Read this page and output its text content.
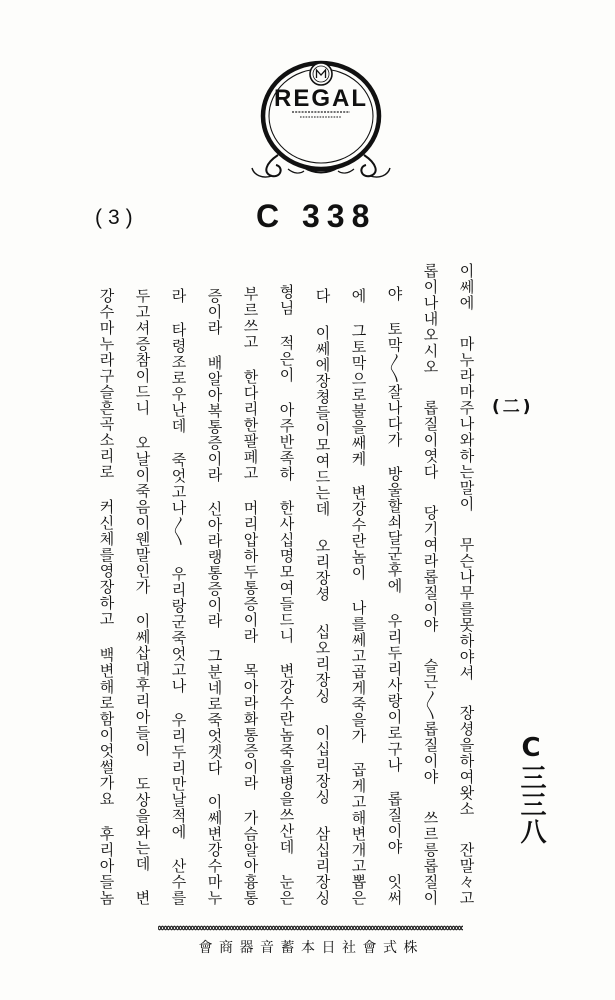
REGAL
(3)	C 338
(二)
C三三八
이쎄에
마누라마주나와하는말이
무슨나무를못하야셔
장셩을하여왓소
잔말々고
롭이나내오시오
롭질이엿다
당기여라롭질이야
슬근〳〵롭질이야
쓰르릉롭질이
야
토막〳〵잘나다가
방울할쇠달군후에
우리두리사랑이로구나
롭질이야
잇써
에
그토막으로불을쌔케
변강수란놈이
나를쎄고곱게죽을가
곱게고해변개고뽑은
다
이쎄에장쳥들이모여드는데
오리장셩
십오리장싱
이십리장싱
삼십리장싱
형님
적은이
아주반족하
한사십명모여들드니
변강수란놈죽을병을쓰산데
눈은
부르쓰고
한다리한팔페고
머리압하두통증이라
목아라화통증이라
가슴알아흉통
증이라
배알아복통증이라
신아라랭통증이라
그분네로죽엇겟다
이쎄변강수마누
라
타령조로우난데
죽엇고나〳〵
우리랑군죽엇고나
우리두리만날적에
산수를
두고셔증참이드니
오날이죽음이웬말인가
이쎄삽대후리아들이
도상을와는데
변
강수마누라구슬흔곡소리로
커신체를영장하고
백변해로함이엇썰가요
후리아들놈
株式會社日本蓄音器商會
